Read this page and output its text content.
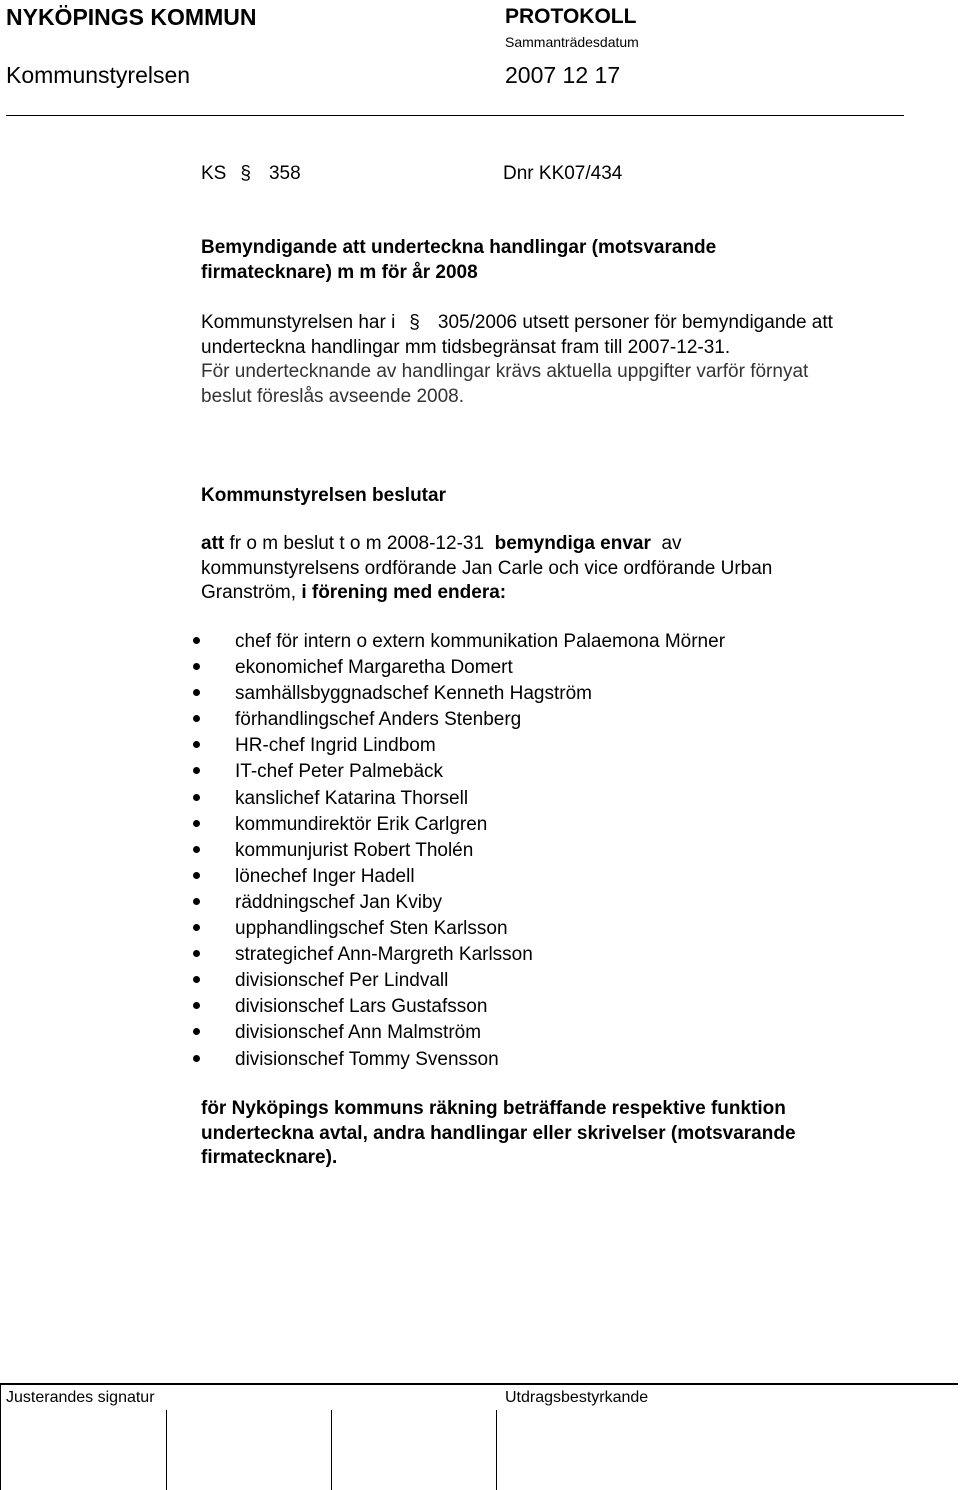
NYKÖPINGS KOMMUN	PROTOKOLL
Sammanträdesdatum
Kommunstyrelsen	2007 12 17
KS § 358	Dnr KK07/434
Bemyndigande att underteckna handlingar (motsvarande
firmatecknare) m m för år 2008
Kommunstyrelsen har i § 305/2006 utsett personer för bemyndigande att
underteckna handlingar mm tidsbegränsat fram till 2007-12-31.
För undertecknande av handlingar krävs aktuella uppgifter varför förnyat
beslut föreslås avseende 2008.
Kommunstyrelsen beslutar
att fr o m beslut t o m 2008-12-31 bemyndiga envar av
kommunstyrelsens ordförande Jan Carle och vice ordförande Urban
Granström, i förening med endera:
chef för intern o extern kommunikation Palaemona Mörner
ekonomichef Margaretha Domert
samhällsbyggnadschef Kenneth Hagström
förhandlingschef Anders Stenberg
HR-chef Ingrid Lindbom
IT-chef Peter Palmebäck
kanslichef Katarina Thorsell
kommundirektör Erik Carlgren
kommunjurist Robert Tholén
lönechef Inger Hadell
räddningschef Jan Kviby
upphandlingschef Sten Karlsson
strategichef Ann-Margreth Karlsson
divisionschef Per Lindvall
divisionschef Lars Gustafsson
divisionschef Ann Malmström
divisionschef Tommy Svensson
för Nyköpings kommuns räkning beträffande respektive funktion
underteckna avtal, andra handlingar eller skrivelser (motsvarande
firmatecknare).
Justerandes signatur	Utdragsbestyrkande
